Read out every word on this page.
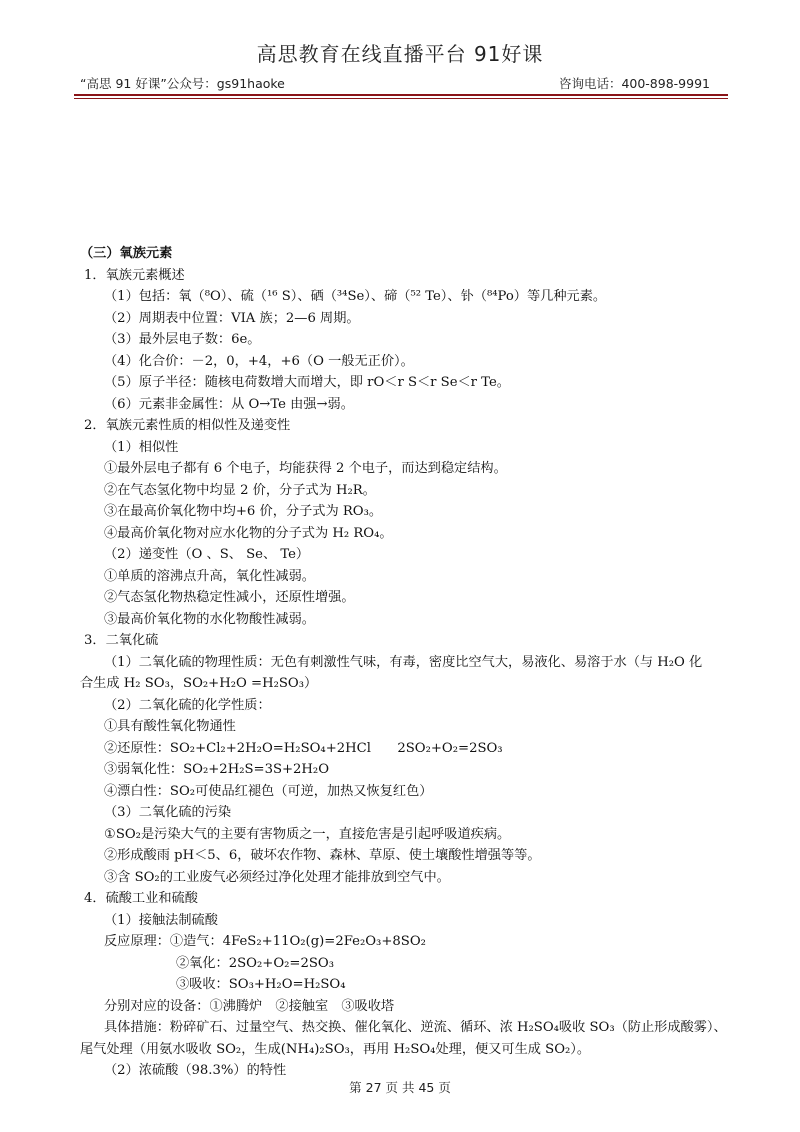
高思教育在线直播平台 91好课
“高思 91 好课”公众号：gs91haoke	咨询电话：400-898-9991
（三）氧族元素
1．氧族元素概述
（1）包括：氧（⁸O）、硫（¹⁶ S）、硒（³⁴Se）、碲（⁵² Te）、钋（⁸⁴Po）等几种元素。
（2）周期表中位置：VIA 族；2—6 周期。
（3）最外层电子数：6e。
（4）化合价：－2，0，+4，+6（O 一般无正价）。
（5）原子半径：随核电荷数增大而增大，即 rO＜r S＜r Se＜r Te。
（6）元素非金属性：从 O→Te 由强→弱。
2．氧族元素性质的相似性及递变性
（1）相似性
①最外层电子都有 6 个电子，均能获得 2 个电子，而达到稳定结构。
②在气态氢化物中均显 2 价，分子式为 H₂R。
③在最高价氧化物中均+6 价，分子式为 RO₃。
④最高价氧化物对应水化物的分子式为 H₂ RO₄。
（2）递变性（O 、S、 Se、 Te）
①单质的溶沸点升高，氧化性减弱。
②气态氢化物热稳定性减小，还原性增强。
③最高价氧化物的水化物酸性减弱。
3．二氧化硫
（1）二氧化硫的物理性质：无色有刺激性气味，有毒，密度比空气大，易液化、易溶于水（与 H₂O 化
合生成 H₂ SO₃，SO₂+H₂O =H₂SO₃）
（2）二氧化硫的化学性质：
①具有酸性氧化物通性
②还原性：SO₂+Cl₂+2H₂O=H₂SO₄+2HCl　　2SO₂+O₂=2SO₃
③弱氧化性：SO₂+2H₂S=3S+2H₂O
④漂白性：SO₂可使品红褪色（可逆，加热又恢复红色）
（3）二氧化硫的污染
①SO₂是污染大气的主要有害物质之一，直接危害是引起呼吸道疾病。
②形成酸雨 pH＜5、6，破坏农作物、森林、草原、使土壤酸性增强等等。
③含 SO₂的工业废气必须经过净化处理才能排放到空气中。
4．硫酸工业和硫酸
（1）接触法制硫酸
反应原理：①造气：4FeS₂+11O₂(g)=2Fe₂O₃+8SO₂
②氧化：2SO₂+O₂=2SO₃
③吸收：SO₃+H₂O=H₂SO₄
分别对应的设备：①沸腾炉　②接触室　③吸收塔
具体措施：粉碎矿石、过量空气、热交换、催化氧化、逆流、循环、浓 H₂SO₄吸收 SO₃（防止形成酸雾）、
尾气处理（用氨水吸收 SO₂，生成(NH₄)₂SO₃，再用 H₂SO₄处理，便又可生成 SO₂）。
（2）浓硫酸（98.3%）的特性
第 27 页 共 45 页
